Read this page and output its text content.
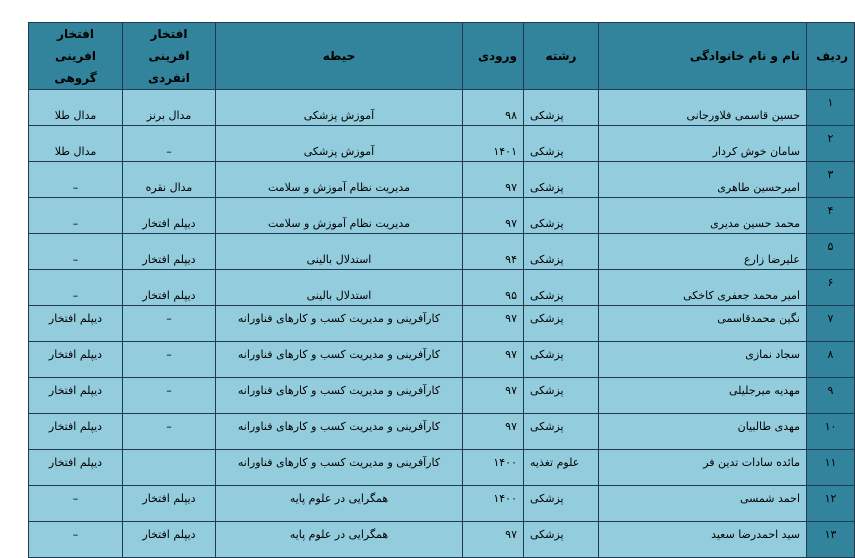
ردیف	نام و نام خانوادگی	رشته	ورودی	حیطه	افتخار افرینی انفردی	افتخار افرینی گروهی
۱	حسین قاسمی فلاورجانی	پزشکی	۹۸	آموزش پزشکی	مدال برنز	مدال طلا
۲	سامان خوش کردار	پزشکی	۱۴۰۱	آموزش پزشکی	–	مدال طلا
۳	امیرحسین طاهری	پزشکی	۹۷	مدیریت نظام آموزش و سلامت	مدال نقره	–
۴	محمد حسین مدیری	پزشکی	۹۷	مدیریت نظام آموزش و سلامت	دیپلم افتخار	–
۵	علیرضا زارع	پزشکی	۹۴	استدلال بالینی	دیپلم افتخار	–
۶	امیر محمد جعفری کاخکی	پزشکی	۹۵	استدلال بالینی	دیپلم افتخار	–
۷	نگین محمدقاسمی	پزشکی	۹۷	کارآفرینی و مدیریت کسب و کارهای فناورانه	–	دیپلم افتخار
۸	سجاد نمازی	پزشکی	۹۷	کارآفرینی و مدیریت کسب و کارهای فناورانه	–	دیپلم افتخار
۹	مهدیه میرجلیلی	پزشکی	۹۷	کارآفرینی و مدیریت کسب و کارهای فناورانه	–	دیپلم افتخار
۱۰	مهدی طالبیان	پزشکی	۹۷	کارآفرینی و مدیریت کسب و کارهای فناورانه	–	دیپلم افتخار
۱۱	مائده سادات تدین فر	علوم تغذیه	۱۴۰۰	کارآفرینی و مدیریت کسب و کارهای فناورانه		دیپلم افتخار
۱۲	احمد شمسی	پزشکی	۱۴۰۰	همگرایی در علوم پایه	دیپلم افتخار	–
۱۳	سید احمدرضا سعید	پزشکی	۹۷	همگرایی در علوم پایه	دیپلم افتخار	–
